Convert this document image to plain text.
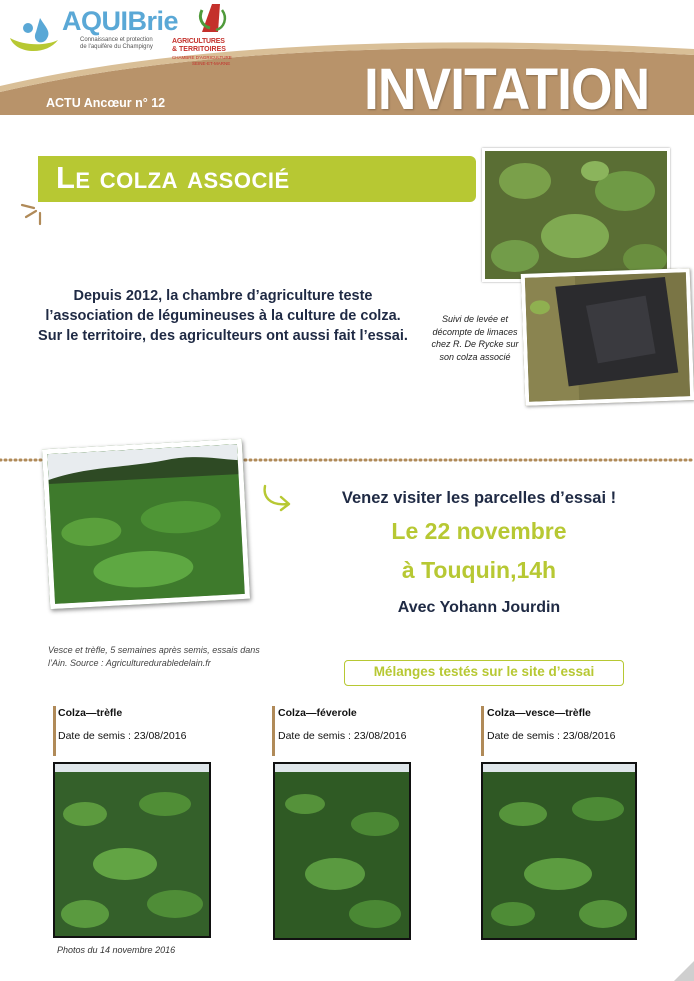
AQUIBrie
Connaissance et protection
de l'aquifère du Champigny
AGRICULTURES
& TERRITOIRES
CHAMBRE D'AGRICULTURE
SEINE-ET-MARNE INVITATION
ACTU Ancœur n° 12
Le colza associé
Depuis 2012, la chambre d’agriculture teste l’association de légumineuses à la culture de colza. Sur le territoire, des agriculteurs ont aussi fait l’essai.
Suivi de levée et décompte de limaces chez R. De Rycke sur son colza associé
Vesce et trèfle, 5 semaines après semis, essais dans l’Ain. Source : Agriculturedurabledelain.fr
Venez visiter les parcelles d’essai !
Le 22 novembre
à Touquin,14h
Avec Yohann Jourdin
Mélanges testés sur le site d’essai
Colza—trèfle
Date de semis : 23/08/2016
Colza—féverole
Date de semis : 23/08/2016
Colza—vesce—trèfle
Date de semis : 23/08/2016
Photos du 14 novembre 2016
